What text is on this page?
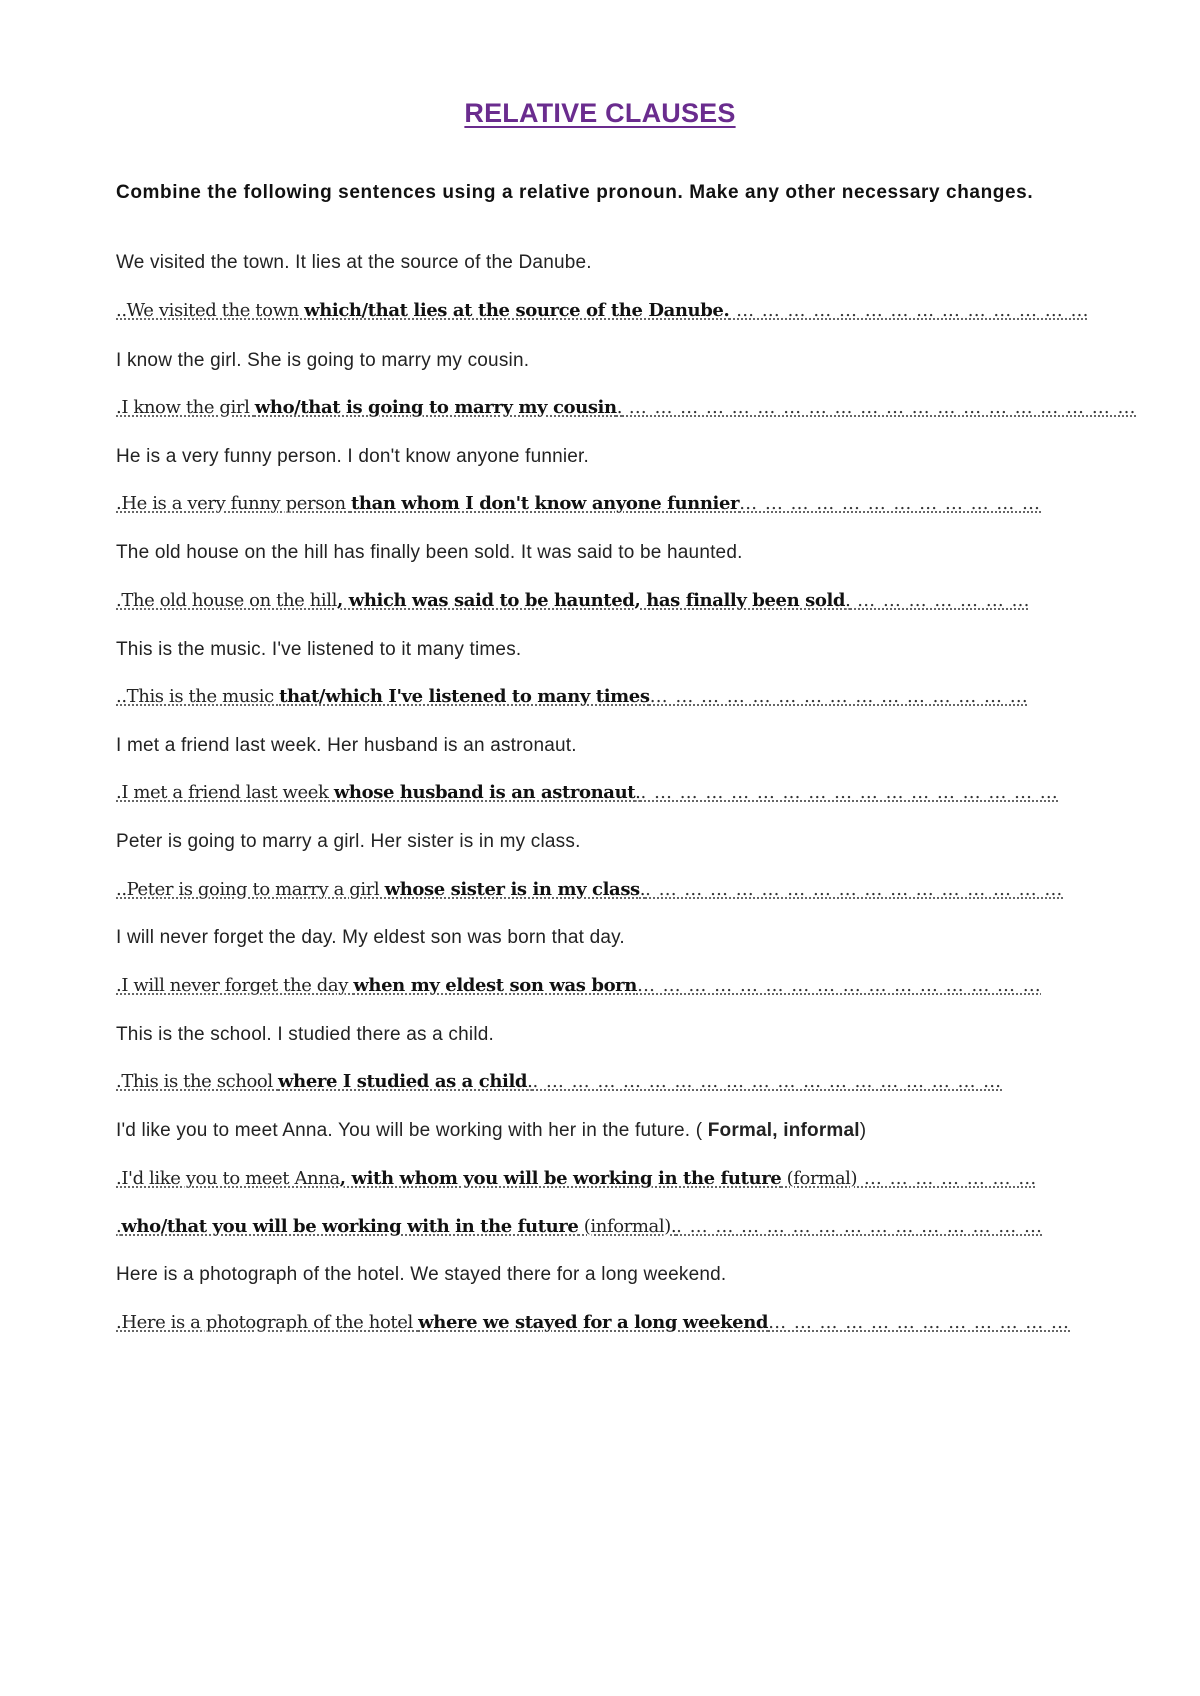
RELATIVE CLAUSES
Combine the following sentences using a relative pronoun. Make any other necessary changes.
We visited the town. It lies at the source of the Danube.
..We visited the town which/that lies at the source of the Danube. … … … … … … … … … … … … … …
I know the girl. She is going to marry my cousin.
.I know the girl who/that is going to marry my cousin. … … … … … … … … … … … … … … … … … … … …
He is a very funny person. I don't know anyone funnier.
.He is a very funny person than whom I don't know anyone funnier… … … … … … … … … … … …
The old house on the hill has finally been sold. It was said to be haunted.
.The old house on the hill, which was said to be haunted, has finally been sold. … … … … … … …
This is the music. I've listened to it many times.
..This is the music that/which I've listened to many times… … … … … … … … … … … … … … …
I met a friend last week. Her husband is an astronaut.
.I met a friend last week whose husband is an astronaut.. … … … … … … … … … … … … … … … …
Peter is going to marry a girl. Her sister is in my class.
..Peter is going to marry a girl whose sister is in my class.. … … … … … … … … … … … … … … … …
I will never forget the day. My eldest son was born that day.
.I will never forget the day when my eldest son was born… … … … … … … … … … … … … … … …
This is the school. I studied there as a child.
.This is the school where I studied as a child.. … … … … … … … … … … … … … … … … … …
I'd like you to meet Anna. You will be working with her in the future. ( Formal, informal)
.I'd like you to meet Anna, with whom you will be working in the future (formal) … … … … … … …
.who/that you will be working with in the future (informal).. … … … … … … … … … … … … … …
Here is a photograph of the hotel. We stayed there for a long weekend.
.Here is a photograph of the hotel where we stayed for a long weekend… … … … … … … … … … … …
